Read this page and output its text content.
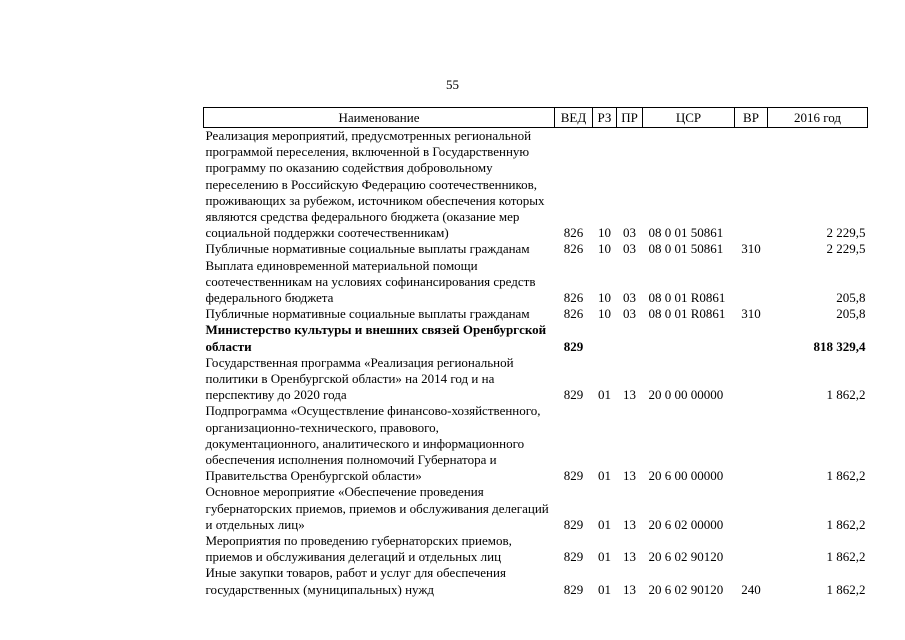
55
Наименование	ВЕД	РЗ	ПР	ЦСР	ВР	2016 год
Реализация мероприятий, предусмотренных региональной программой переселения, включенной в Государственную программу по оказанию содействия добровольному переселению в Российскую Федерацию соотечественников, проживающих за рубежом, источником обеспечения которых являются средства федерального бюджета (оказание мер социальной поддержки соотечественникам)	826	10	03	08 0 01 50861		2 229,5
Публичные нормативные социальные выплаты гражданам	826	10	03	08 0 01 50861	310	2 229,5
Выплата единовременной материальной помощи соотечественникам на условиях софинансирования средств федерального бюджета	826	10	03	08 0 01 R0861		205,8
Публичные нормативные социальные выплаты гражданам	826	10	03	08 0 01 R0861	310	205,8
Министерство культуры и внешних связей Оренбургской области	829					818 329,4
Государственная программа «Реализация региональной политики в Оренбургской области» на 2014 год и на перспективу до 2020 года	829	01	13	20 0 00 00000		1 862,2
Подпрограмма «Осуществление финансово-хозяйственного, организационно-технического, правового, документационного, аналитического и информационного обеспечения исполнения полномочий Губернатора и Правительства Оренбургской области»	829	01	13	20 6 00 00000		1 862,2
Основное мероприятие «Обеспечение проведения губернаторских приемов, приемов и обслуживания делегаций и отдельных лиц»	829	01	13	20 6 02 00000		1 862,2
Мероприятия по проведению губернаторских приемов, приемов и обслуживания делегаций и отдельных лиц	829	01	13	20 6 02 90120		1 862,2
Иные закупки товаров, работ и услуг для обеспечения государственных (муниципальных) нужд	829	01	13	20 6 02 90120	240	1 862,2
